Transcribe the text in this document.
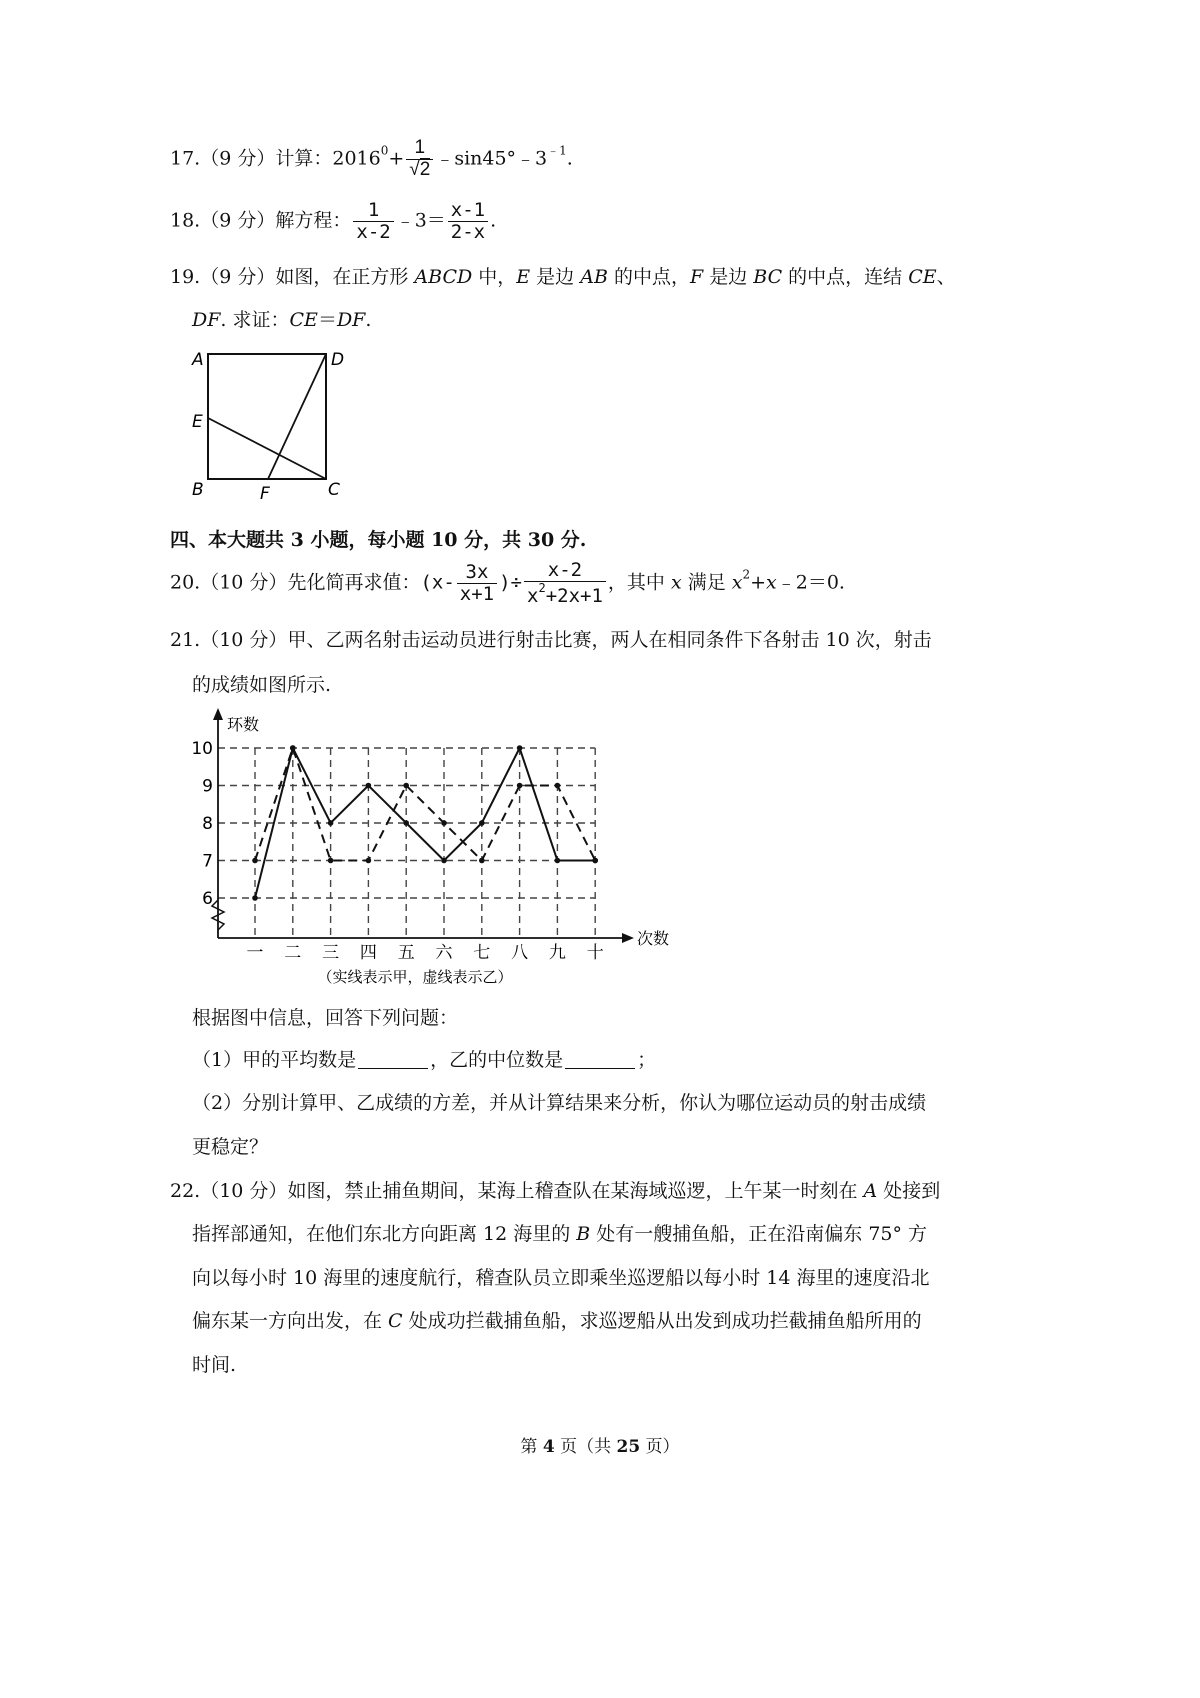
17.（9 分）计算：$2016^0+ \frac{1}{√2}$ $﹣\sin 45^\circ﹣3^{﹣1}$.
18.（9 分）解方程： $\frac{1}{x-2}$ ﹣3＝ $\frac{x-1}{2-x}$ .
19.（9 分）如图，在正方形 ABCD 中，E 是边 AB 的中点，F 是边 BC 的中点，连结 CE、
DF. 求证：CE＝DF.
A	D
E
B	F	C
四、本大题共 3 小题，每小题 10 分，共 30 分.
20.（10 分）先化简再求值：($x- \frac{3x}{x+1}$ )÷ $\frac{x-2}{x^2+2x+1}$ ，其中 x 满足 $x^2+x﹣2=0$.
21.（10 分）甲、乙两名射击运动员进行射击比赛，两人在相同条件下各射击 10 次，射击
的成绩如图所示.
6
7
8
9
10
一 二 三 四 五 六 七 八 九 十
环数
次数
（实线表示甲，虚线表示乙）
根据图中信息，回答下列问题：
（1）甲的平均数是	，乙的中位数是	；
（2）分别计算甲、乙成绩的方差，并从计算结果来分析，你认为哪位运动员的射击成绩
更稳定？
22.（10 分）如图，禁止捕鱼期间，某海上稽查队在某海域巡逻，上午某一时刻在 A 处接到
指挥部通知，在他们东北方向距离 12 海里的 B 处有一艘捕鱼船，正在沿南偏东 75° 方
向以每小时 10 海里的速度航行，稽查队员立即乘坐巡逻船以每小时 14 海里的速度沿北
偏东某一方向出发，在 C 处成功拦截捕鱼船，求巡逻船从出发到成功拦截捕鱼船所用的
时间.
第 4 页（共 25 页）
